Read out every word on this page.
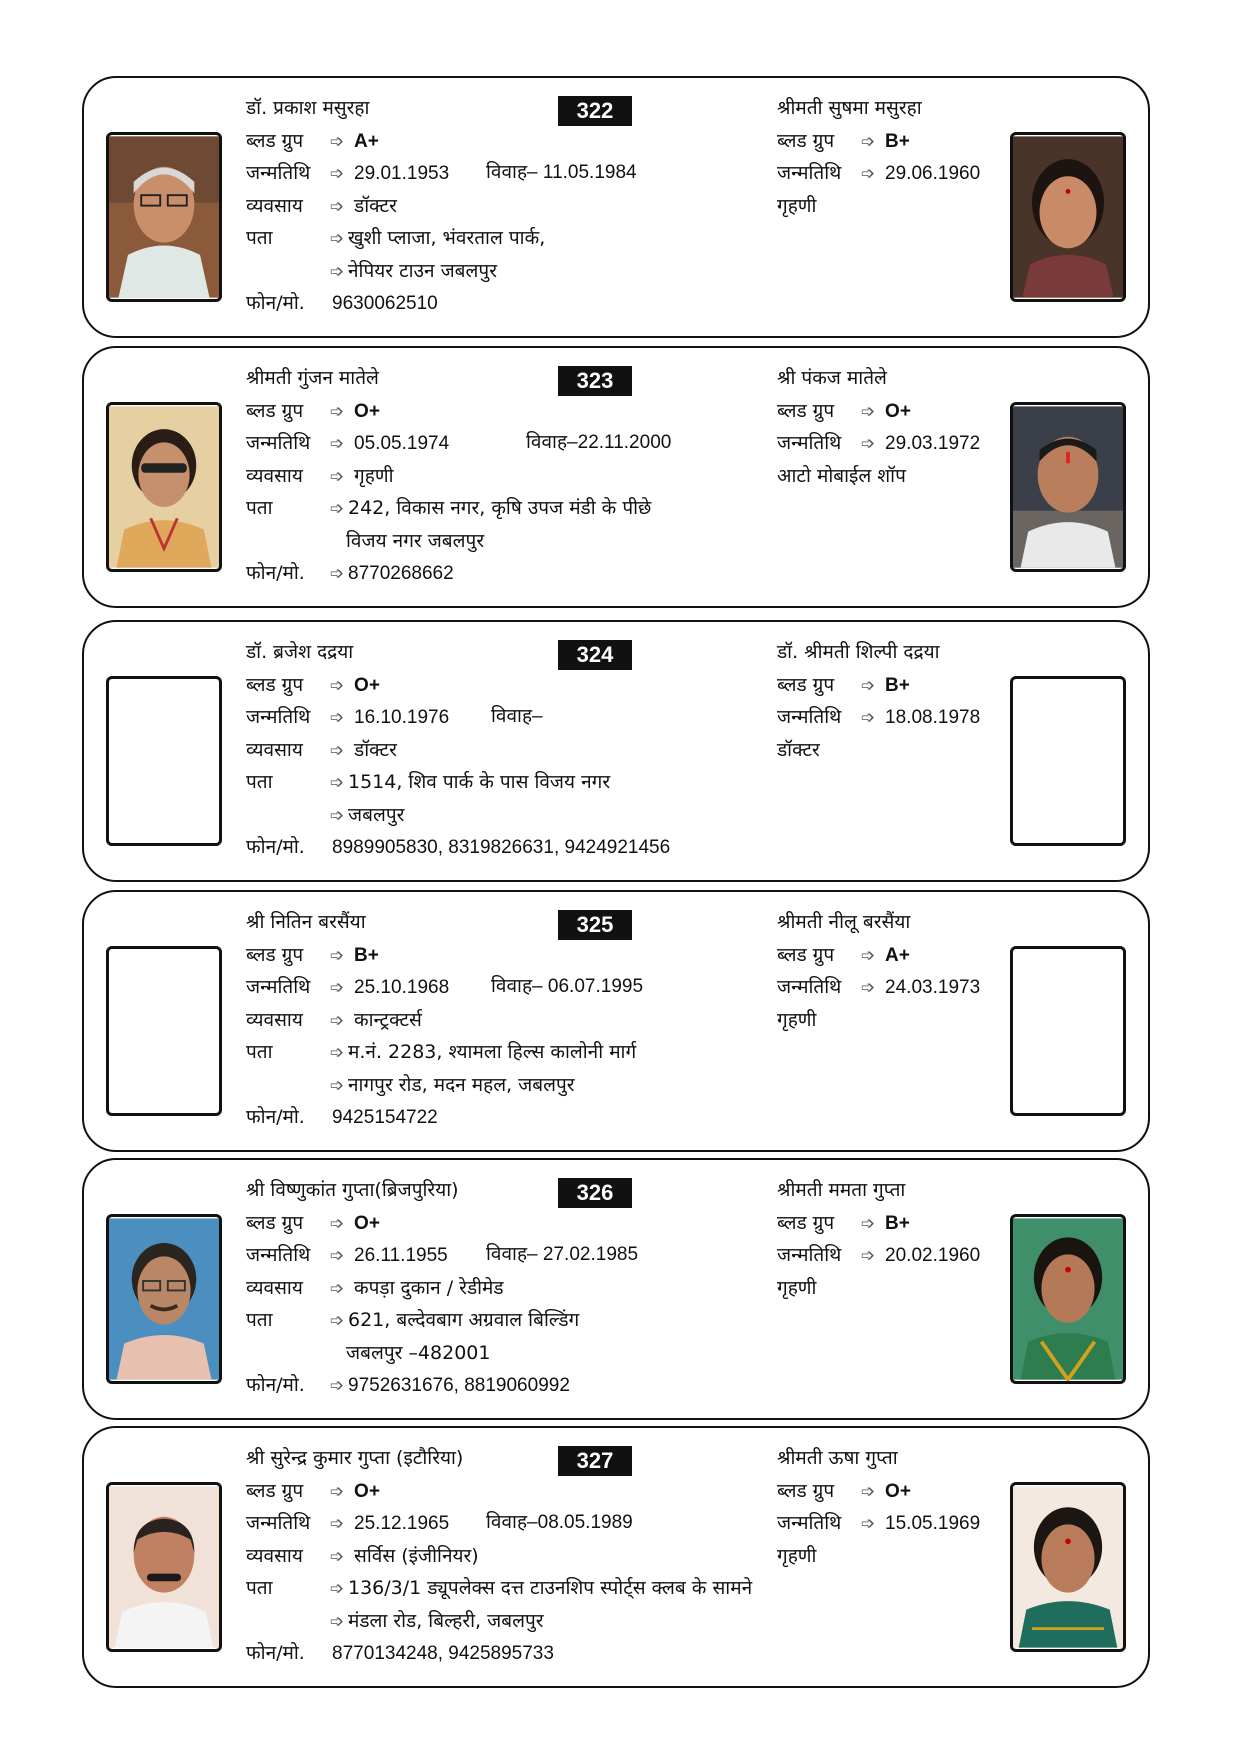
322
डॉ. प्रकाश मसुरहा
ब्लड ग्रुप ➩ A+
जन्मतिथि ➩ 29.01.1953 विवाह– 11.05.1984
व्यवसाय ➩ डॉक्टर
पता	➩ खुशी प्लाजा, भंवरताल पार्क,
➩ नेपियर टाउन जबलपुर
फोन/मो. 9630062510
श्रीमती सुषमा मसुरहा
ब्लड ग्रुप ➩ B+
जन्मतिथि ➩ 29.06.1960
गृहणी
323
श्रीमती गुंजन मातेले
ब्लड ग्रुप ➩ O+
जन्मतिथि ➩ 05.05.1974	विवाह–22.11.2000
व्यवसाय ➩ गृहणी
पता	➩ 242, विकास नगर, कृषि उपज मंडी के पीछे
विजय नगर जबलपुर
फोन/मो. ➩ 8770268662
श्री पंकज मातेले
ब्लड ग्रुप ➩ O+
जन्मतिथि ➩ 29.03.1972
आटो मोबाईल शॉप
324
डॉ. ब्रजेश दद्रया
ब्लड ग्रुप ➩ O+
जन्मतिथि ➩ 16.10.1976 विवाह–
व्यवसाय ➩ डॉक्टर
पता	➩ 1514, शिव पार्क के पास विजय नगर
➩ जबलपुर
फोन/मो. 8989905830, 8319826631, 9424921456
डॉ. श्रीमती शिल्पी दद्रया
ब्लड ग्रुप ➩ B+
जन्मतिथि ➩ 18.08.1978
डॉक्टर
325
श्री नितिन बरसैंया
ब्लड ग्रुप ➩ B+
जन्मतिथि ➩ 25.10.1968 विवाह– 06.07.1995
व्यवसाय ➩ कान्ट्रक्टर्स
पता	➩ म.नं. 2283, श्यामला हिल्स कालोनी मार्ग
➩ नागपुर रोड, मदन महल, जबलपुर
फोन/मो. 9425154722
श्रीमती नीलू बरसैंया
ब्लड ग्रुप ➩ A+
जन्मतिथि ➩ 24.03.1973
गृहणी
326
श्री विष्णुकांत गुप्ता(ब्रिजपुरिया)
ब्लड ग्रुप ➩ O+
जन्मतिथि ➩ 26.11.1955 विवाह– 27.02.1985
व्यवसाय ➩ कपड़ा दुकान / रेडीमेड
पता	➩ 621, बल्देवबाग अग्रवाल बिल्डिंग
जबलपुर –482001
फोन/मो. ➩ 9752631676, 8819060992
श्रीमती ममता गुप्ता
ब्लड ग्रुप ➩ B+
जन्मतिथि ➩ 20.02.1960
गृहणी
327
श्री सुरेन्द्र कुमार गुप्ता (इटौरिया)
ब्लड ग्रुप ➩ O+
जन्मतिथि ➩ 25.12.1965 विवाह–08.05.1989
व्यवसाय ➩ सर्विस (इंजीनियर)
पता	➩ 136/3/1 ड्यूपलेक्स दत्त टाउनशिप स्पोर्ट्स क्लब के सामने
➩ मंडला रोड, बिल्हरी, जबलपुर
फोन/मो. 8770134248, 9425895733
श्रीमती ऊषा गुप्ता
ब्लड ग्रुप ➩ O+
जन्मतिथि ➩ 15.05.1969
गृहणी
